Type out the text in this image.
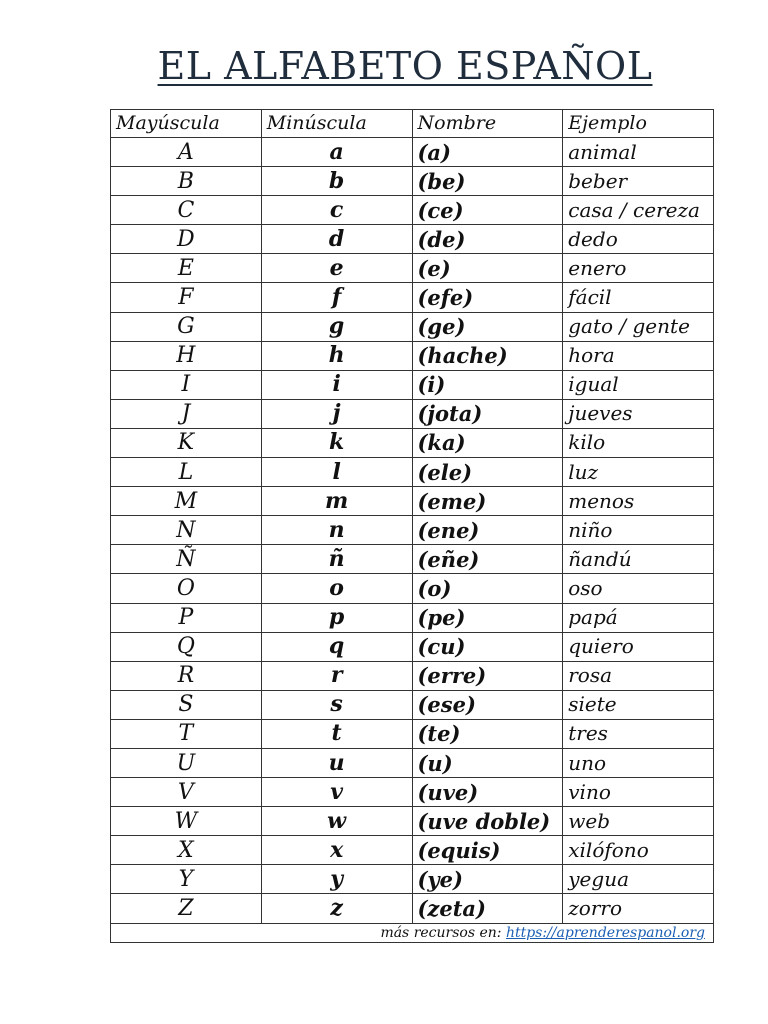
EL ALFABETO ESPAÑOL
Mayúscula	Minúscula	Nombre	Ejemplo
A	a	(a)	animal
B	b	(be)	beber
C	c	(ce)	casa / cereza
D	d	(de)	dedo
E	e	(e)	enero
F	f	(efe)	fácil
G	g	(ge)	gato / gente
H	h	(hache)	hora
I	i	(i)	igual
J	j	(jota)	jueves
K	k	(ka)	kilo
L	l	(ele)	luz
M	m	(eme)	menos
N	n	(ene)	niño
Ñ	ñ	(eñe)	ñandú
O	o	(o)	oso
P	p	(pe)	papá
Q	q	(cu)	quiero
R	r	(erre)	rosa
S	s	(ese)	siete
T	t	(te)	tres
U	u	(u)	uno
V	v	(uve)	vino
W	w	(uve doble)	web
X	x	(equis)	xilófono
Y	y	(ye)	yegua
Z	z	(zeta)	zorro
más recursos en: https://aprenderespanol.org			
